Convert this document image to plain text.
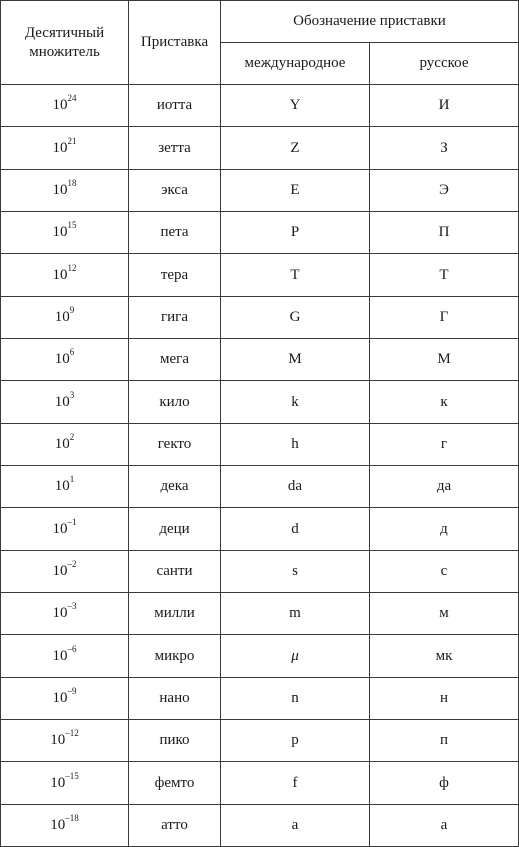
Десятичный множитель	Приставка	Обозначение приставки	
		международное	русское
$10^{24}$	иотта	Y	И
$10^{21}$	зетта	Z	З
$10^{18}$	экса	E	Э
$10^{15}$	пета	P	П
$10^{12}$	тера	T	Т
$10^9$	гига	G	Г
$10^6$	мега	M	М
$10^3$	кило	k	к
$10^2$	гекто	h	г
$10^1$	дека	da	да
$10^{-1}$	деци	d	д
$10^{-2}$	санти	s	с
$10^{-3}$	милли	m	м
$10^{-6}$	микро	μ	мк
$10^{-9}$	нано	n	н
$10^{-12}$	пико	p	п
$10^{-15}$	фемто	f	ф
$10^{-18}$	атто	a	а
